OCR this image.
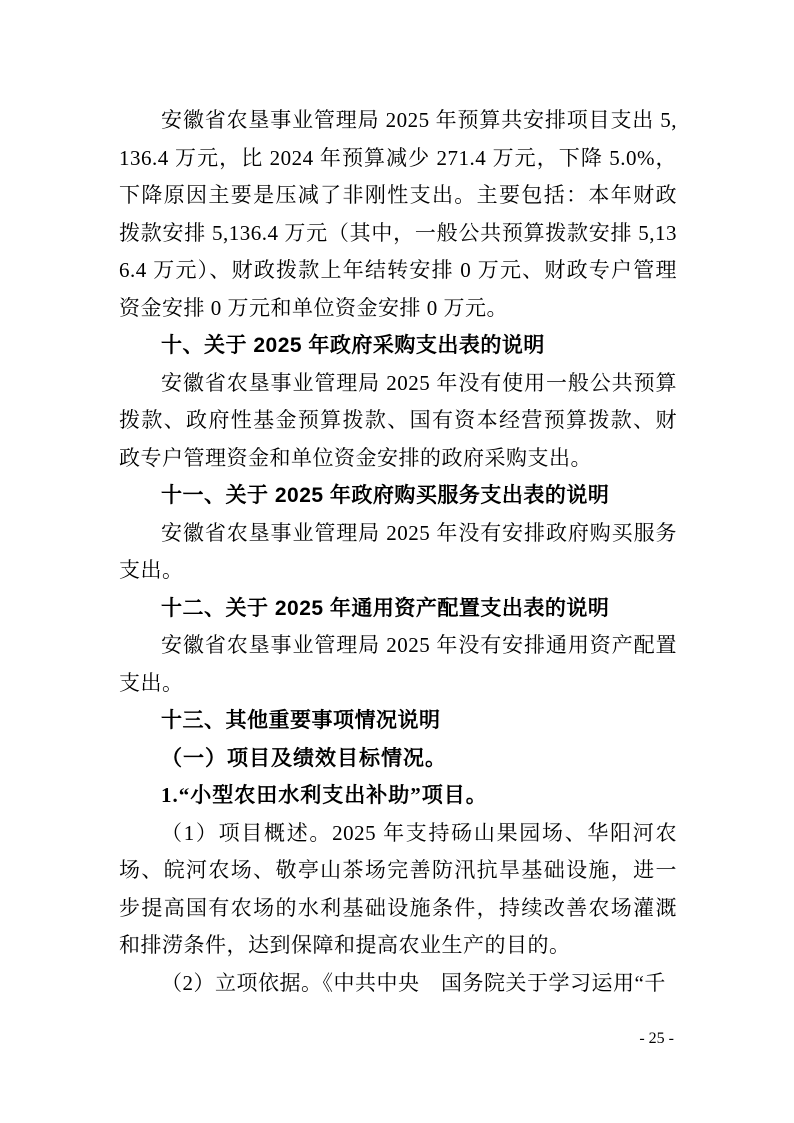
安徽省农垦事业管理局 2025 年预算共安排项目支出 5,136.4 万元，比 2024 年预算减少 271.4 万元，下降 5.0%，下降原因主要是压减了非刚性支出。主要包括：本年财政拨款安排 5,136.4 万元（其中，一般公共预算拨款安排 5,136.4 万元）、财政拨款上年结转安排 0 万元、财政专户管理资金安排 0 万元和单位资金安排 0 万元。

十、关于 2025 年政府采购支出表的说明

安徽省农垦事业管理局 2025 年没有使用一般公共预算拨款、政府性基金预算拨款、国有资本经营预算拨款、财政专户管理资金和单位资金安排的政府采购支出。

十一、关于 2025 年政府购买服务支出表的说明

安徽省农垦事业管理局 2025 年没有安排政府购买服务支出。

十二、关于 2025 年通用资产配置支出表的说明

安徽省农垦事业管理局 2025 年没有安排通用资产配置支出。

十三、其他重要事项情况说明
（一）项目及绩效目标情况。
1.“小型农田水利支出补助”项目。

（1）项目概述。2025 年支持砀山果园场、华阳河农场、皖河农场、敬亭山茶场完善防汛抗旱基础设施，进一步提高国有农场的水利基础设施条件，持续改善农场灌溉和排涝条件，达到保障和提高农业生产的目的。

（2）立项依据。《中共中央　国务院关于学习运用“千

- 25 -
